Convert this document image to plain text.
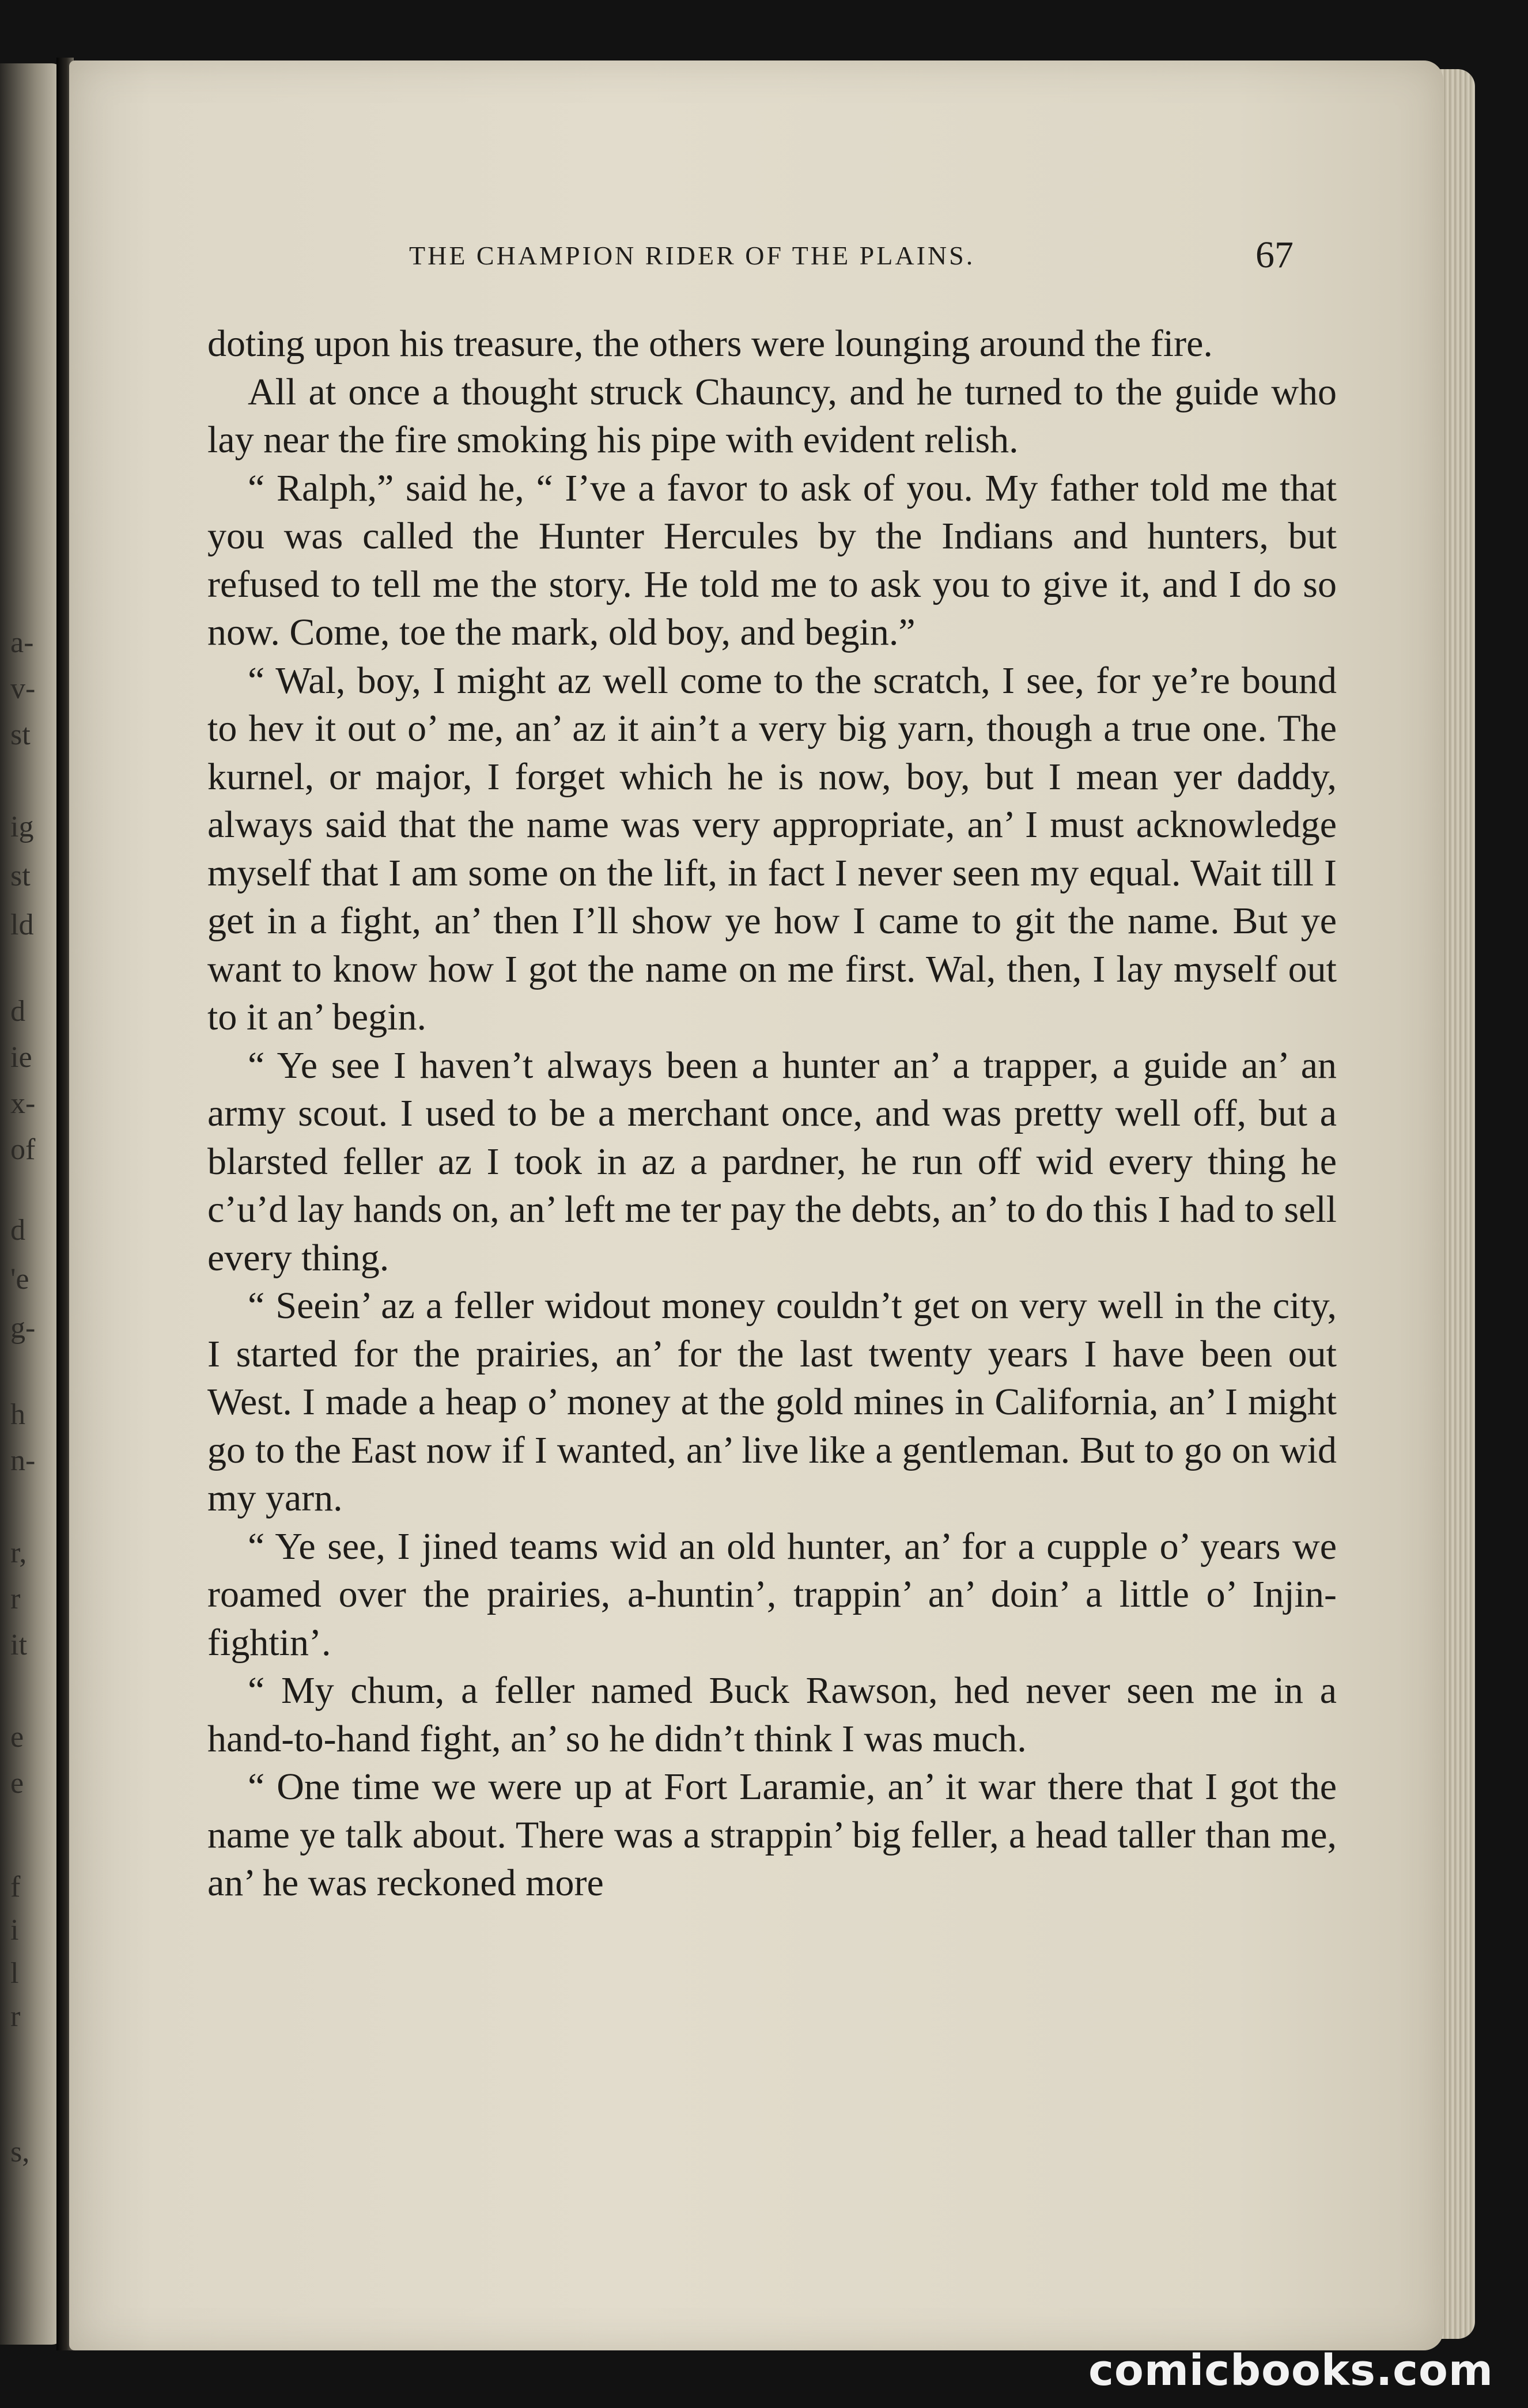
a-
v-
st
ig
st
ld
d
ie
x-
of
d
'e
g-
h
n-
r,
r
it
e
e
f
i
l
r
s,
THE CHAMPION RIDER OF THE PLAINS.	67

doting upon his treasure, the others were lounging around the fire.

All at once a thought struck Chauncy, and he turned to the guide who lay near the fire smoking his pipe with evident relish.

“ Ralph,” said he, “ I’ve a favor to ask of you. My father told me that you was called the Hunter Hercules by the Indians and hunters, but refused to tell me the story. He told me to ask you to give it, and I do so now. Come, toe the mark, old boy, and begin.”

“ Wal, boy, I might az well come to the scratch, I see, for ye’re bound to hev it out o’ me, an’ az it ain’t a very big yarn, though a true one. The kurnel, or major, I forget which he is now, boy, but I mean yer daddy, always said that the name was very appropriate, an’ I must acknowledge myself that I am some on the lift, in fact I never seen my equal. Wait till I get in a fight, an’ then I’ll show ye how I came to git the name. But ye want to know how I got the name on me first. Wal, then, I lay myself out to it an’ begin.

“ Ye see I haven’t always been a hunter an’ a trapper, a guide an’ an army scout. I used to be a merchant once, and was pretty well off, but a blarsted feller az I took in az a pardner, he run off wid every thing he c’u’d lay hands on, an’ left me ter pay the debts, an’ to do this I had to sell every thing.

“ Seein’ az a feller widout money couldn’t get on very well in the city, I started for the prairies, an’ for the last twenty years I have been out West. I made a heap o’ money at the gold mines in California, an’ I might go to the East now if I wanted, an’ live like a gentleman. But to go on wid my yarn.

“ Ye see, I jined teams wid an old hunter, an’ for a cupple o’ years we roamed over the prairies, a-huntin’, trappin’ an’ doin’ a little o’ Injin-fightin’.

“ My chum, a feller named Buck Rawson, hed never seen me in a hand-to-hand fight, an’ so he didn’t think I was much.

“ One time we were up at Fort Laramie, an’ it war there that I got the name ye talk about. There was a strappin’ big feller, a head taller than me, an’ he was reckoned more

comicbooks.com
